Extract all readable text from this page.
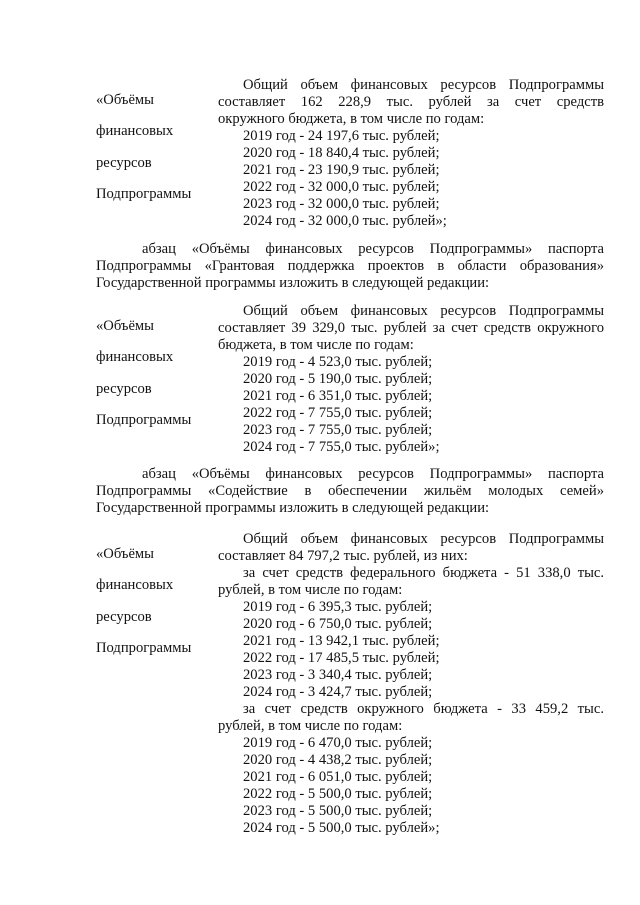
«Объёмы

финансовых

ресурсов

Подпрограммы

Общий объем финансовых ресурсов Подпрограммы

составляет 162 228,9 тыс. рублей за счет средств

окружного бюджета, в том числе по годам:

2019 год - 24 197,6 тыс. рублей;

2020 год - 18 840,4 тыс. рублей;

2021 год - 23 190,9 тыс. рублей;

2022 год - 32 000,0 тыс. рублей;

2023 год - 32 000,0 тыс. рублей;

2024 год - 32 000,0 тыс. рублей»;

абзац «Объёмы финансовых ресурсов Подпрограммы» паспорта

Подпрограммы «Грантовая поддержка проектов в области образования»

Государственной программы изложить в следующей редакции:

«Объёмы

финансовых

ресурсов

Подпрограммы

Общий объем финансовых ресурсов Подпрограммы

составляет 39 329,0 тыс. рублей за счет средств окружного

бюджета, в том числе по годам:

2019 год - 4 523,0 тыс. рублей;

2020 год - 5 190,0 тыс. рублей;

2021 год - 6 351,0 тыс. рублей;

2022 год - 7 755,0 тыс. рублей;

2023 год - 7 755,0 тыс. рублей;

2024 год - 7 755,0 тыс. рублей»;

абзац «Объёмы финансовых ресурсов Подпрограммы» паспорта

Подпрограммы «Содействие в обеспечении жильём молодых семей»

Государственной программы изложить в следующей редакции:

«Объёмы

финансовых

ресурсов

Подпрограммы

Общий объем финансовых ресурсов Подпрограммы

составляет 84 797,2 тыс. рублей, из них:

за счет средств федерального бюджета - 51 338,0 тыс.

рублей, в том числе по годам:

2019 год - 6 395,3 тыс. рублей;

2020 год - 6 750,0 тыс. рублей;

2021 год - 13 942,1 тыс. рублей;

2022 год - 17 485,5 тыс. рублей;

2023 год - 3 340,4 тыс. рублей;

2024 год - 3 424,7 тыс. рублей;

за счет средств окружного бюджета - 33 459,2 тыс.

рублей, в том числе по годам:

2019 год - 6 470,0 тыс. рублей;

2020 год - 4 438,2 тыс. рублей;

2021 год - 6 051,0 тыс. рублей;

2022 год - 5 500,0 тыс. рублей;

2023 год - 5 500,0 тыс. рублей;

2024 год - 5 500,0 тыс. рублей»;
